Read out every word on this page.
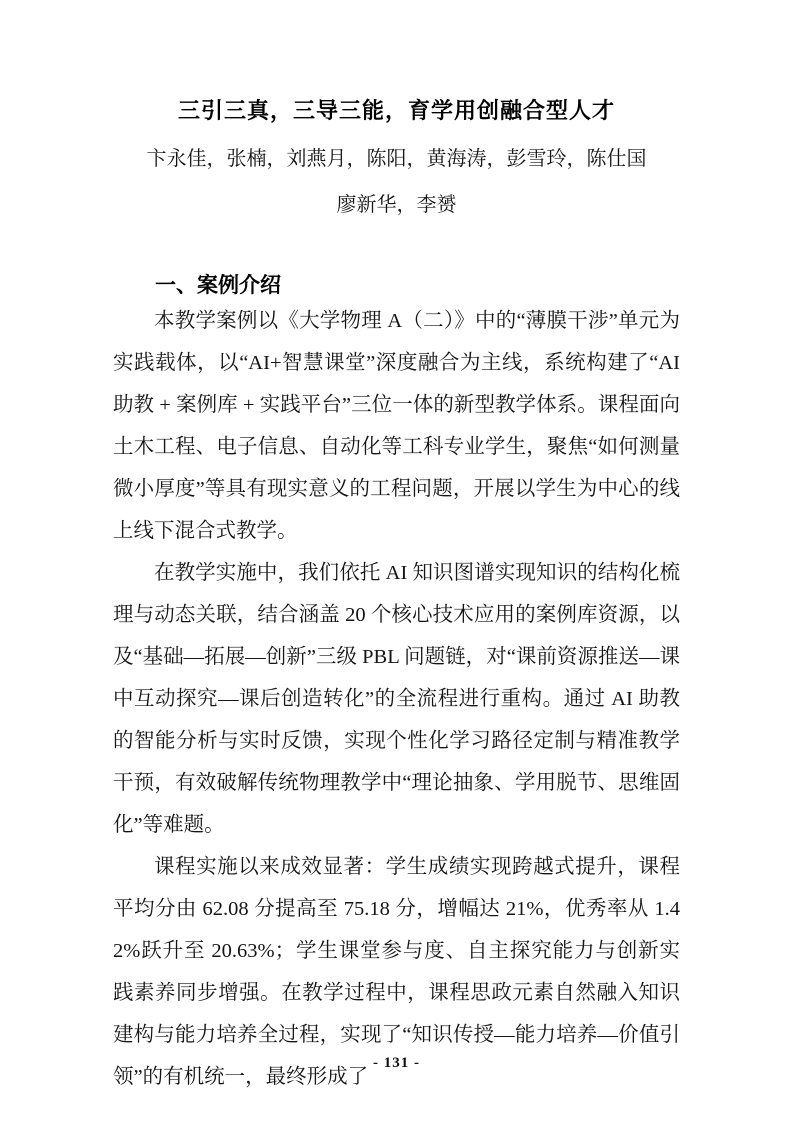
三引三真，三导三能，育学用创融合型人才
卞永佳，张楠，刘燕月，陈阳，黄海涛，彭雪玲，陈仕国
廖新华，李赟
一、案例介绍

本教学案例以《大学物理 A（二）》中的“薄膜干涉”单元为实践载体，以“AI+智慧课堂”深度融合为主线，系统构建了“AI 助教 + 案例库 + 实践平台”三位一体的新型教学体系。课程面向土木工程、电子信息、自动化等工科专业学生，聚焦“如何测量微小厚度”等具有现实意义的工程问题，开展以学生为中心的线上线下混合式教学。

在教学实施中，我们依托 AI 知识图谱实现知识的结构化梳理与动态关联，结合涵盖 20 个核心技术应用的案例库资源，以及“基础—拓展—创新”三级 PBL 问题链，对“课前资源推送—课中互动探究—课后创造转化”的全流程进行重构。通过 AI 助教的智能分析与实时反馈，实现个性化学习路径定制与精准教学干预，有效破解传统物理教学中“理论抽象、学用脱节、思维固化”等难题。

课程实施以来成效显著：学生成绩实现跨越式提升，课程平均分由 62.08 分提高至 75.18 分，增幅达 21%，优秀率从 1.42%跃升至 20.63%；学生课堂参与度、自主探究能力与创新实践素养同步增强。在教学过程中，课程思政元素自然融入知识建构与能力培养全过程，实现了“知识传授—能力培养—价值引领”的有机统一，最终形成了

- 131 -
